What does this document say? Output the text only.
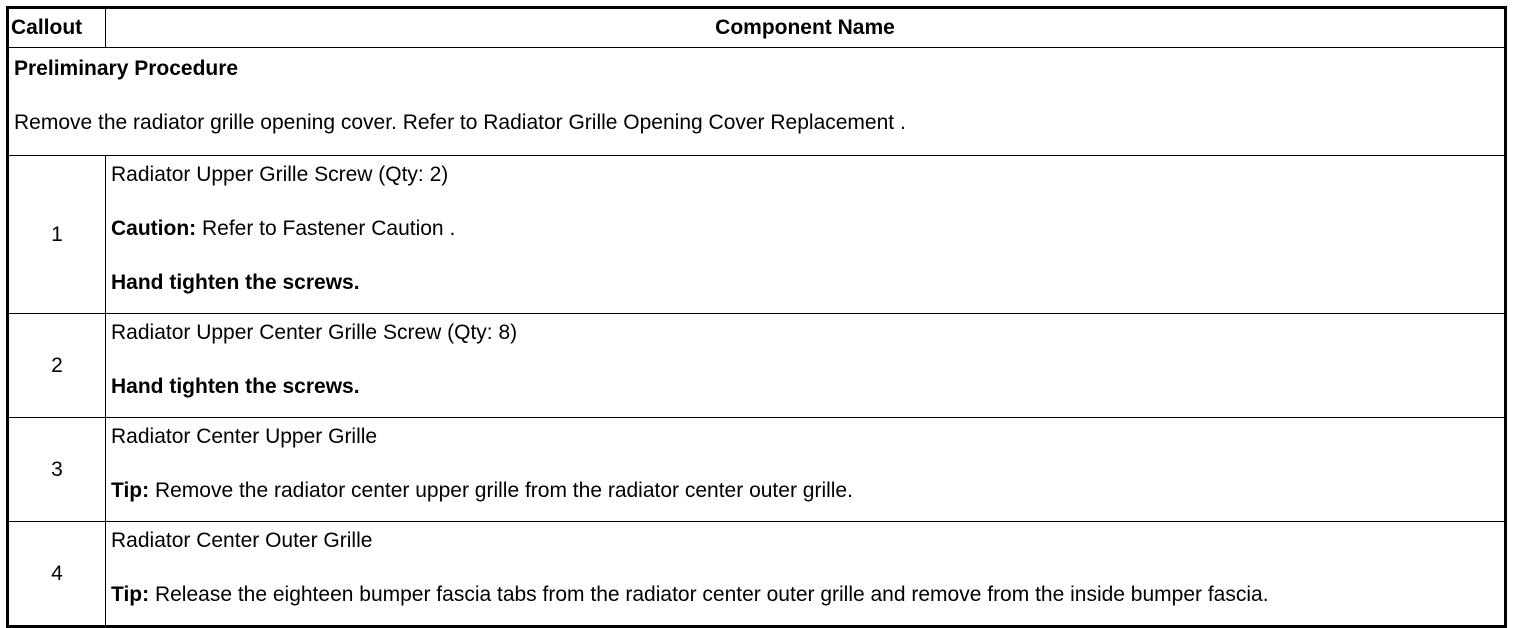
Callout	Component Name

Preliminary Procedure
Remove the radiator grille opening cover. Refer to Radiator Grille Opening Cover Replacement .	

1	Radiator Upper Grille Screw (Qty: 2)
Caution: Refer to Fastener Caution .
Hand tighten the screws.

2	Radiator Upper Center Grille Screw (Qty: 8)
Hand tighten the screws.

3	Radiator Center Upper Grille
Tip: Remove the radiator center upper grille from the radiator center outer grille.

4	Radiator Center Outer Grille
Tip: Release the eighteen bumper fascia tabs from the radiator center outer grille and remove from the inside bumper fascia.
